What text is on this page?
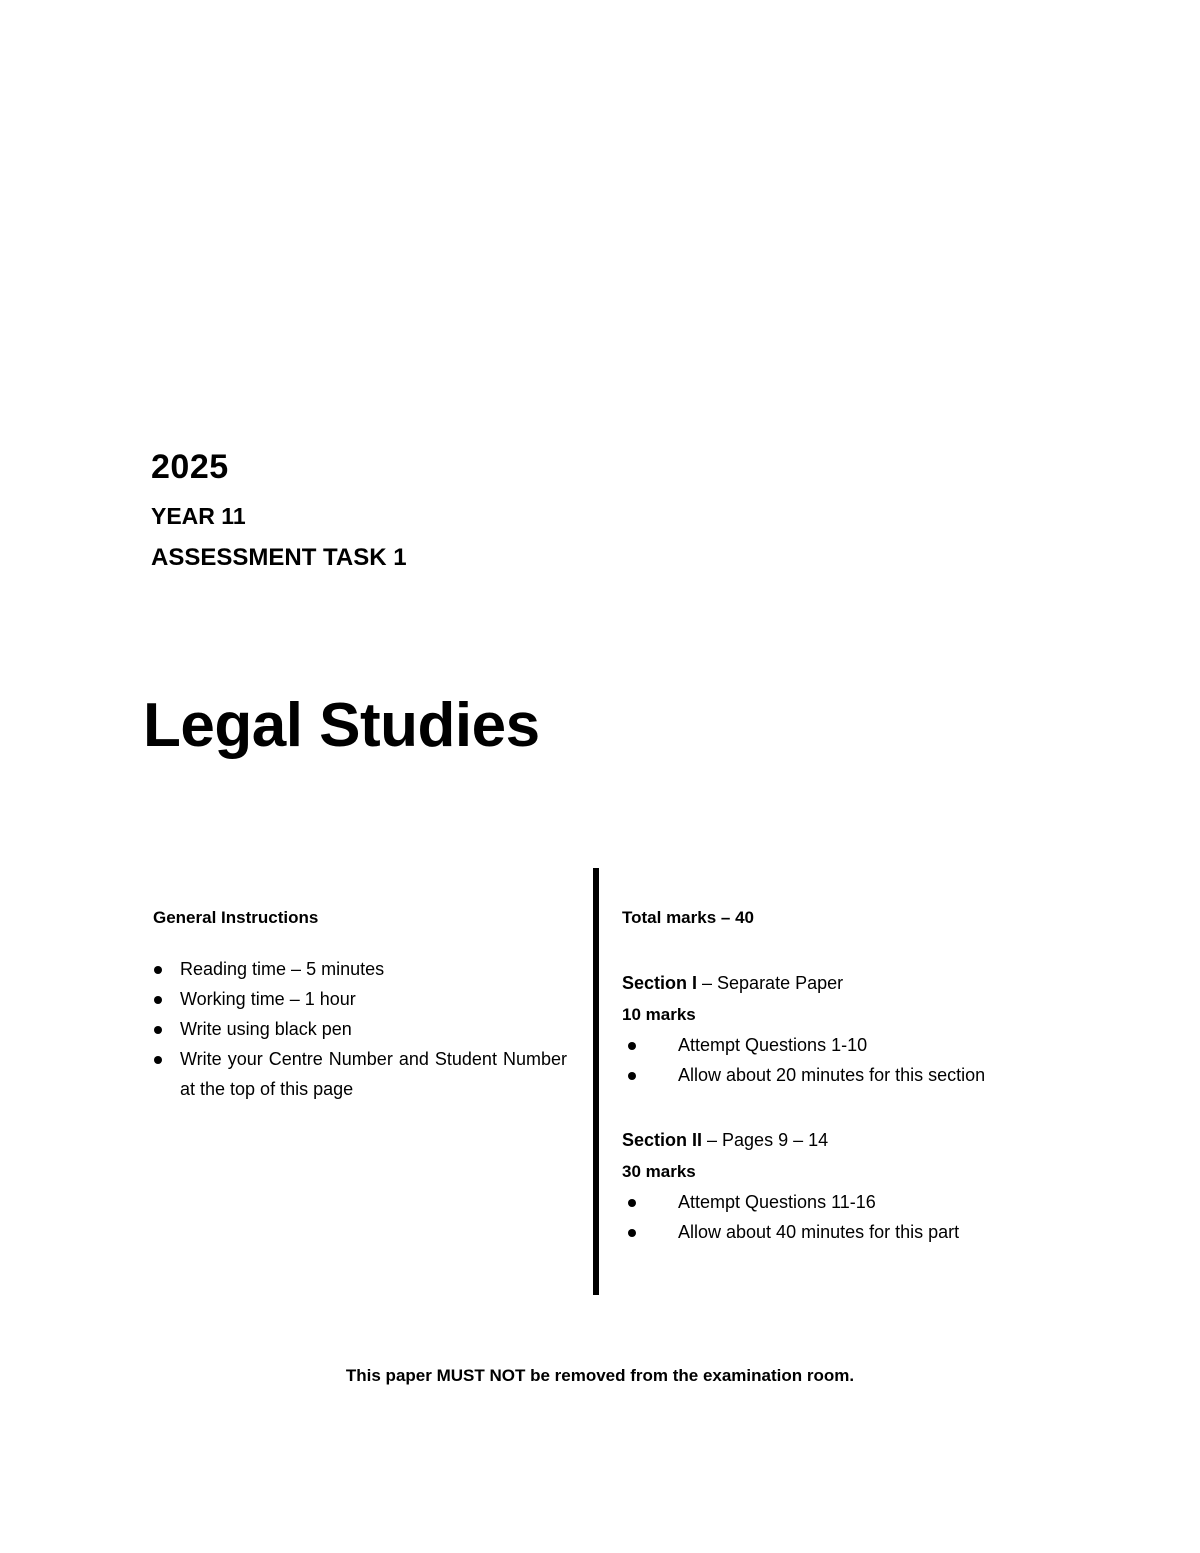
2025
YEAR 11
ASSESSMENT TASK 1
Legal Studies

General Instructions

Reading time – 5 minutes
Working time – 1 hour
Write using black pen
Write your Centre Number and Student Number at the top of this page

Total marks – 40

Section I – Separate Paper

10 marks

Attempt Questions 1-10
Allow about 20 minutes for this section

Section II – Pages 9 – 14

30 marks

Attempt Questions 11-16
Allow about 40 minutes for this part
This paper MUST NOT be removed from the examination room.
